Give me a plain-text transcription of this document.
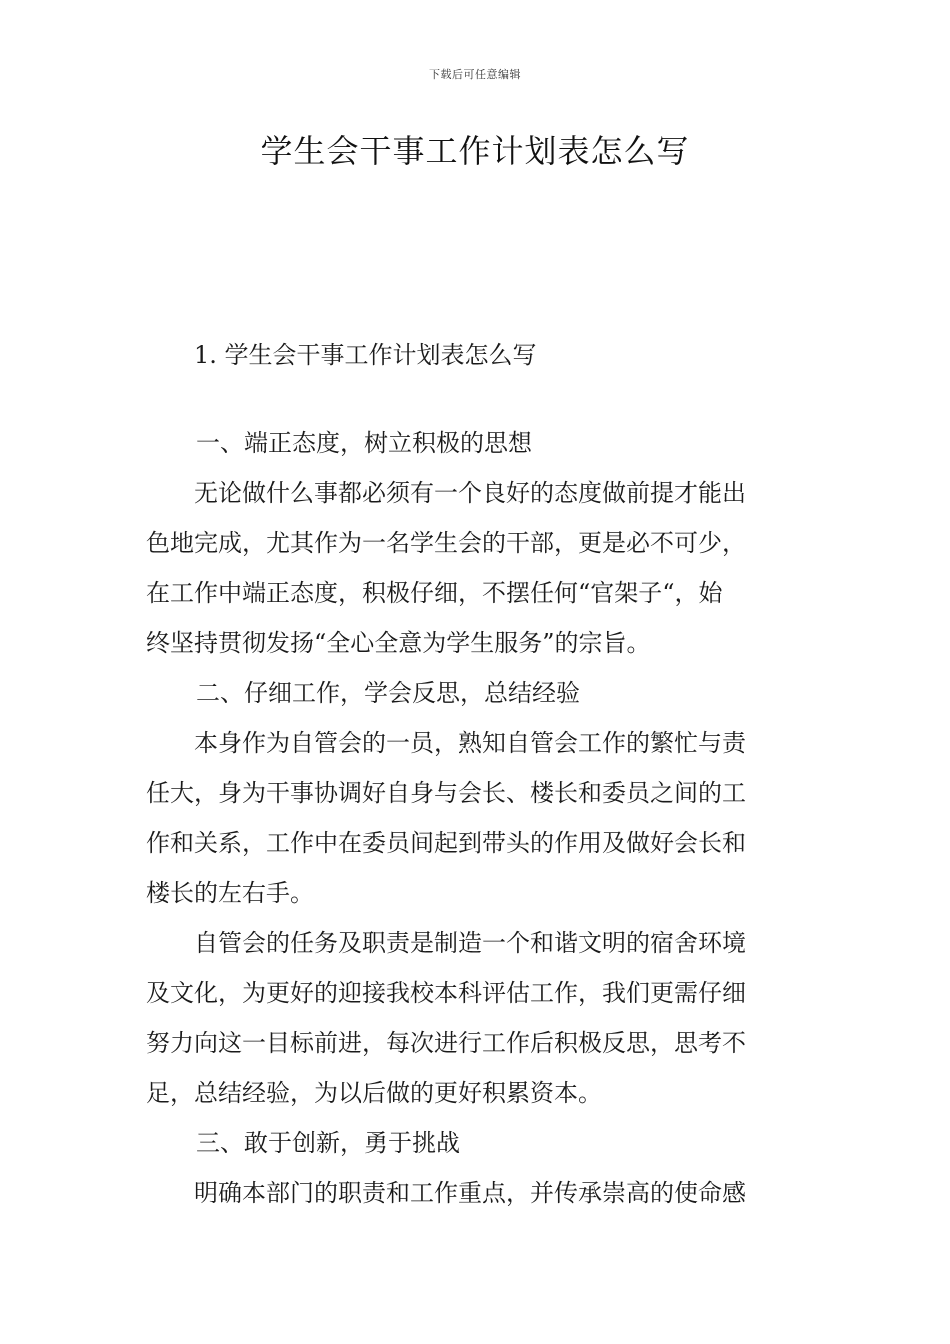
下载后可任意编辑
学生会干事工作计划表怎么写
1. 学生会干事工作计划表怎么写
一、端正态度，树立积极的思想
无论做什么事都必须有一个良好的态度做前提才能出
色地完成，尤其作为一名学生会的干部，更是必不可少，
在工作中端正态度，积极仔细，不摆任何“官架子“，始
终坚持贯彻发扬“全心全意为学生服务”的宗旨。
二、仔细工作，学会反思，总结经验
本身作为自管会的一员，熟知自管会工作的繁忙与责
任大，身为干事协调好自身与会长、楼长和委员之间的工
作和关系，工作中在委员间起到带头的作用及做好会长和
楼长的左右手。
自管会的任务及职责是制造一个和谐文明的宿舍环境
及文化，为更好的迎接我校本科评估工作，我们更需仔细
努力向这一目标前进，每次进行工作后积极反思，思考不
足，总结经验，为以后做的更好积累资本。
三、敢于创新，勇于挑战
明确本部门的职责和工作重点，并传承崇高的使命感
